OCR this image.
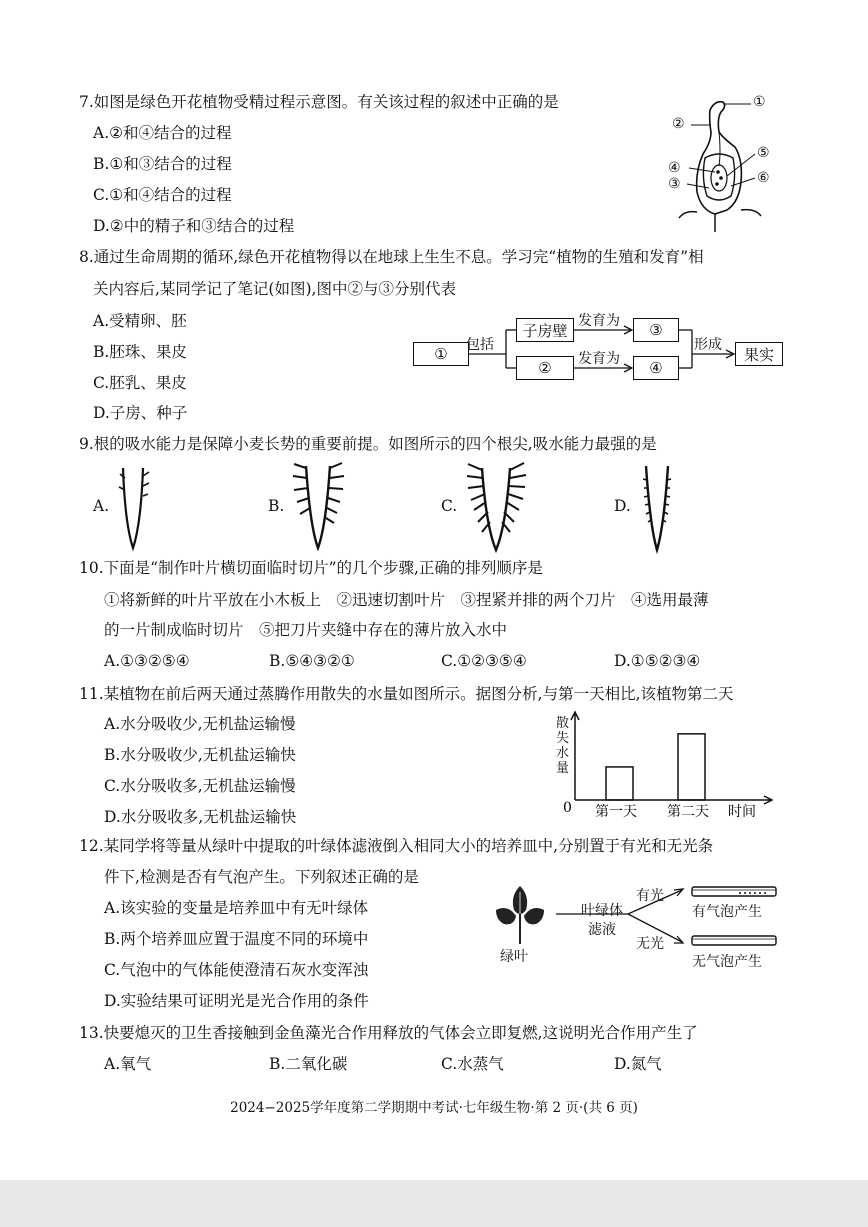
7.如图是绿色开花植物受精过程示意图。有关该过程的叙述中正确的是
A.②和④结合的过程
B.①和③结合的过程
C.①和④结合的过程
D.②中的精子和③结合的过程
①
②
④
③
⑤
⑥
8.通过生命周期的循环,绿色开花植物得以在地球上生生不息。学习完“植物的生殖和发育”相
关内容后,某同学记了笔记(如图),图中②与③分别代表
A.受精卵、胚
B.胚珠、果皮
C.胚乳、果皮
D.子房、种子
①	包括
子房壁
发育为	③
②	发育为	④
形成
果实
9.根的吸水能力是保障小麦长势的重要前提。如图所示的四个根尖,吸水能力最强的是
A.	B.	C.	D.
10.下面是“制作叶片横切面临时切片”的几个步骤,正确的排列顺序是
①将新鲜的叶片平放在小木板上　②迅速切割叶片　③捏紧并排的两个刀片　④选用最薄
的一片制成临时切片　⑤把刀片夹缝中存在的薄片放入水中
A.①③②⑤④	B.⑤④③②①	C.①②③⑤④	D.①⑤②③④
11.某植物在前后两天通过蒸腾作用散失的水量如图所示。据图分析,与第一天相比,该植物第二天
A.水分吸收少,无机盐运输慢
B.水分吸收少,无机盐运输快
C.水分吸收多,无机盐运输慢
D.水分吸收多,无机盐运输快	0 第一天 第二天 时间
散失水量
12.某同学将等量从绿叶中提取的叶绿体滤液倒入相同大小的培养皿中,分别置于有光和无光条
件下,检测是否有气泡产生。下列叙述正确的是
A.该实验的变量是培养皿中有无叶绿体
B.两个培养皿应置于温度不同的环境中
C.气泡中的气体能使澄清石灰水变浑浊
D.实验结果可证明光是光合作用的条件
绿叶
叶绿体
滤液
有光
无光
有气泡产生
无气泡产生
13.快要熄灭的卫生香接触到金鱼藻光合作用释放的气体会立即复燃,这说明光合作用产生了
A.氧气	B.二氧化碳	C.水蒸气	D.氮气
2024−2025学年度第二学期期中考试·七年级生物·第 2 页·(共 6 页)
